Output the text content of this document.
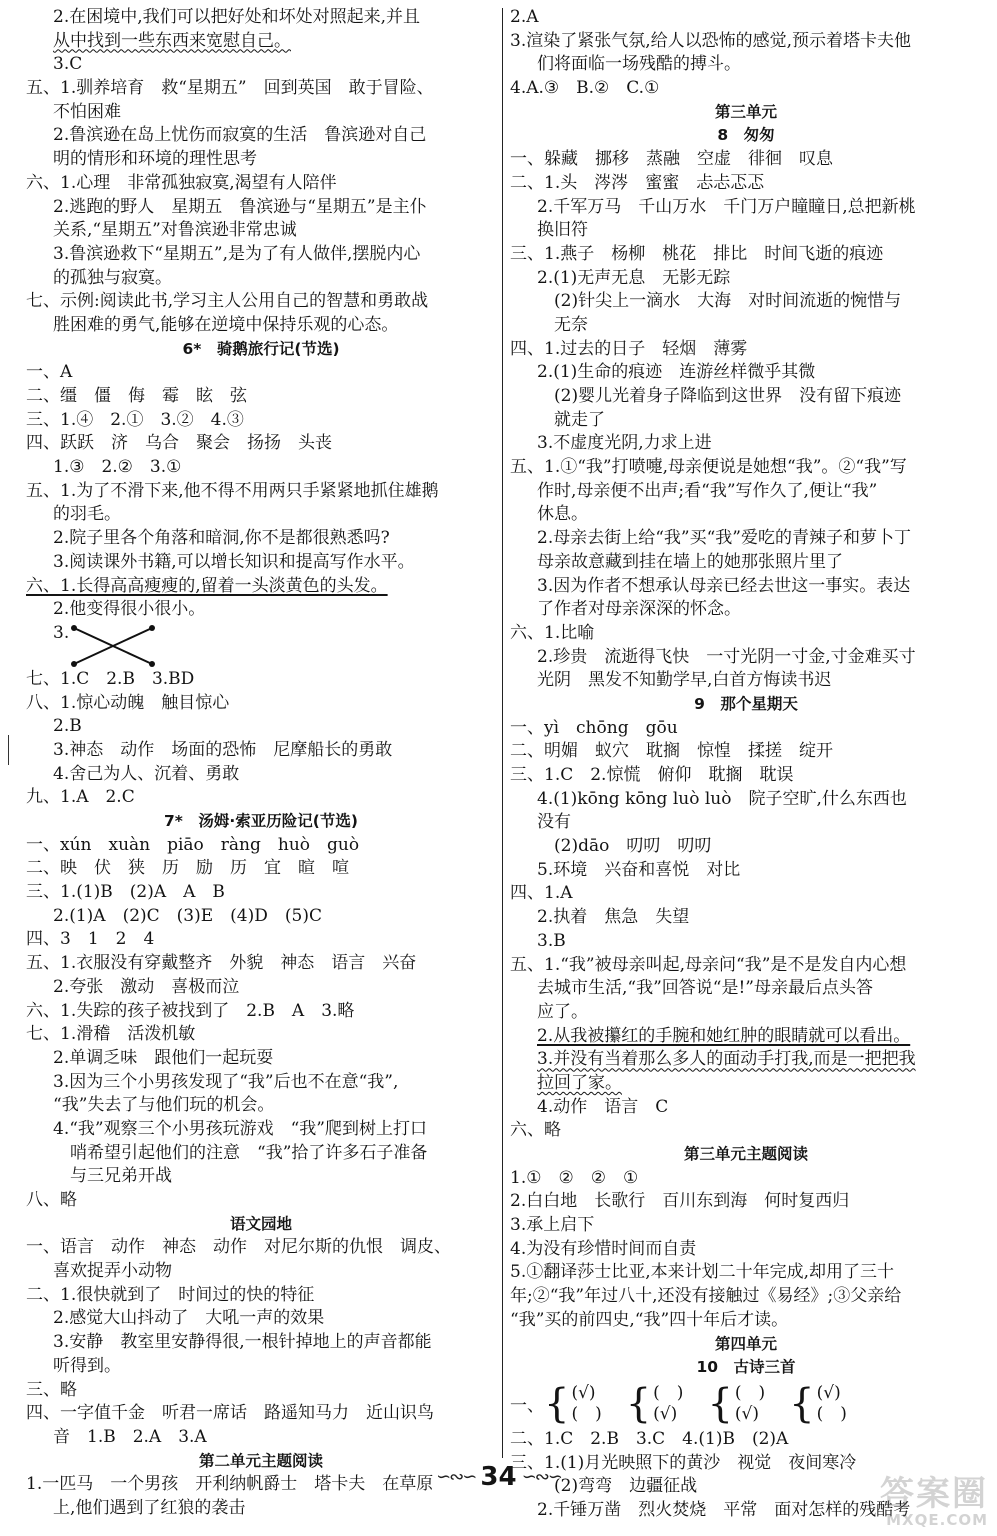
2.在困境中,我们可以把好处和坏处对照起来,并且
从中找到一些东西来宽慰自己。
3.C
五、1.驯养培育　救“星期五”　回到英国　敢于冒险、
不怕困难
2.鲁滨逊在岛上忧伤而寂寞的生活　鲁滨逊对自己
明的情形和环境的理性思考
六、1.心理　非常孤独寂寞,渴望有人陪伴
2.逃跑的野人　星期五　鲁滨逊与“星期五”是主仆
关系,“星期五”对鲁滨逊非常忠诚
3.鲁滨逊救下“星期五”,是为了有人做伴,摆脱内心
的孤独与寂寞。
七、示例:阅读此书,学习主人公用自己的智慧和勇敢战
胜困难的勇气,能够在逆境中保持乐观的心态。
6*　骑鹅旅行记(节选)
一、A
二、缰　僵　侮　霉　眩　弦
三、1.④　2.①　3.②　4.③
四、跃跃　济　乌合　聚会　扬扬　头丧
1.③　2.②　3.①
五、1.为了不滑下来,他不得不用两只手紧紧地抓住雄鹅
的羽毛。
2.院子里各个角落和暗洞,你不是都很熟悉吗?
3.阅读课外书籍,可以增长知识和提高写作水平。
六、1.长得高高瘦瘦的,留着一头淡黄色的头发。
2.他变得很小很小。
3.
七、1.C　2.B　3.BD
八、1.惊心动魄　触目惊心
2.B
3.神态　动作　场面的恐怖　尼摩船长的勇敢
4.舍己为人、沉着、勇敢
九、1.A　2.C
7*　汤姆·索亚历险记(节选)
一、xún　xuàn　piāo　ràng　huò　guò
二、映　伏　狭　历　励　历　宜　暄　喧
三、1.(1)B　(2)A　A　B
2.(1)A　(2)C　(3)E　(4)D　(5)C
四、3　1　2　4
五、1.衣服没有穿戴整齐　外貌　神态　语言　兴奋
2.夸张　激动　喜极而泣
六、1.失踪的孩子被找到了　2.B　A　3.略
七、1.滑稽　活泼机敏
2.单调乏味　跟他们一起玩耍
3.因为三个小男孩发现了“我”后也不在意“我”,
“我”失去了与他们玩的机会。
4.“我”观察三个小男孩玩游戏　“我”爬到树上打口
哨希望引起他们的注意　“我”拾了许多石子准备
与三兄弟开战
八、略
语文园地
一、语言　动作　神态　动作　对尼尔斯的仇恨　调皮、
喜欢捉弄小动物
二、1.很快就到了　时间过的快的特征
2.感觉大山抖动了　大吼一声的效果
3.安静　教室里安静得很,一根针掉地上的声音都能
听得到。
三、略
四、一字值千金　听君一席话　路遥知马力　近山识鸟
音　1.B　2.A　3.A
第二单元主题阅读
1.一匹马　一个男孩　开利纳帆爵士　塔卡夫　在草原
上,他们遇到了红狼的袭击
2.A
3.渲染了紧张气氛,给人以恐怖的感觉,预示着塔卡夫他
们将面临一场残酷的搏斗。
4.A.③　B.②　C.①
第三单元
8　匆匆
一、躲藏　挪移　蒸融　空虚　徘徊　叹息
二、1.头　涔涔　蜜蜜　忐忐忑忑
2.千军万马　千山万水　千门万户瞳瞳日,总把新桃
换旧符
三、1.燕子　杨柳　桃花　排比　时间飞逝的痕迹
2.(1)无声无息　无影无踪
(2)针尖上一滴水　大海　对时间流逝的惋惜与
无奈
四、1.过去的日子　轻烟　薄雾
2.(1)生命的痕迹　连游丝样微乎其微
(2)婴儿光着身子降临到这世界　没有留下痕迹
就走了
3.不虚度光阴,力求上进
五、1.①“我”打喷嚏,母亲便说是她想“我”。②“我”写
作时,母亲便不出声;看“我”写作久了,便让“我”
休息。
2.母亲去街上给“我”买“我”爱吃的青辣子和萝卜丁
母亲故意藏到挂在墙上的她那张照片里了
3.因为作者不想承认母亲已经去世这一事实。表达
了作者对母亲深深的怀念。
六、1.比喻
2.珍贵　流逝得飞快　一寸光阴一寸金,寸金难买寸
光阴　黑发不知勤学早,白首方悔读书迟
9　那个星期天
一、yì　chōng　gōu
二、明媚　蚁穴　耽搁　惊惶　揉搓　绽开
三、1.C　2.惊慌　俯仰　耽搁　耽误
4.(1)kōng kōng luò luò　院子空旷,什么东西也
没有
(2)dāo　叨叨　叨叨
5.环境　兴奋和喜悦　对比
四、1.A
2.执着　焦急　失望
3.B
五、1.“我”被母亲叫起,母亲问“我”是不是发自内心想
去城市生活,“我”回答说“是!”母亲最后点头答
应了。
2.从我被攥红的手腕和她红肿的眼睛就可以看出。
3.并没有当着那么多人的面动手打我,而是一把把我
拉回了家。
4.动作　语言　C
六、略
第三单元主题阅读
1.①　②　②　①
2.白白地　长歌行　百川东到海　何时复西归
3.承上启下
4.为没有珍惜时间而自责
5.①翻译莎士比亚,本来计划二十年完成,却用了三十
年;②“我”年过八十,还没有接触过《易经》;③父亲给
“我”买的前四史,“我”四十年后才读。
第四单元
10　古诗三首
一、 { (√)
(　) { (　)
(√) { (　)
(√) { (√)
(　)
二、1.C　2.B　3.C　4.(1)B　(2)A
三、1.(1)月光映照下的黄沙　视觉　夜间寒冷
(2)弯弯　边疆征战
2.千锤万凿　烈火焚烧　平常　面对怎样的残酷考
∽∾∽ 34 ∽∾∽	答案圈
MXQE.COM
